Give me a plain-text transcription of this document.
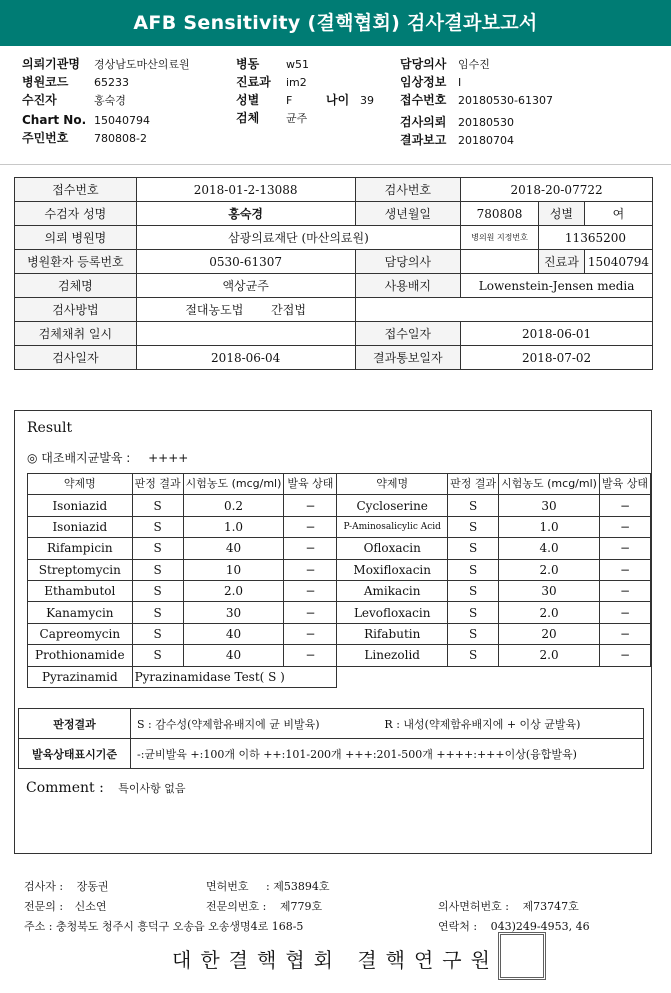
AFB Sensitivity (결핵협회) 검사결과보고서
의뢰기관명 경상남도마산의료원	병동 w51	담당의사 임수진
병원코드 65233	진료과 im2	임상정보 I
수진자	홍숙경	성별 F	나이 39 접수번호 20180530-61307
Chart No. 15040794	검체 균주	검사의뢰 20180530
주민번호 780808-2	결과보고 20180704
접수번호	2018-01-2-13088	검사번호	2018-20-07722		
수검자 성명	홍숙경	생년월일	780808	성별	여
의뢰 병원명	삼광의료재단 (마산의료원)		병의원 지정번호	11365200	
병원환자 등록번호	0530-61307	담당의사		진료과	15040794
검체명	액상균주	사용배지	Lowenstein-Jensen media		
검사방법	절대농도법 간접법				
검체채취 일시		접수일자	2018-06-01		
검사일자	2018-06-04	결과통보일자	2018-07-02		
Result
◎ 대조배지균발육 : ++++
약제명	판정 결과	시험농도 (mcg/ml)	발육 상태	약제명	판정 결과	시험농도 (mcg/ml)	발육 상태
Isoniazid	S	0.2	−	Cycloserine	S	30	−
Isoniazid	S	1.0	−	P-Aminosalicylic Acid	S	1.0	−
Rifampicin	S	40	−	Ofloxacin	S	4.0	−
Streptomycin	S	10	−	Moxifloxacin	S	2.0	−
Ethambutol	S	2.0	−	Amikacin	S	30	−
Kanamycin	S	30	−	Levofloxacin	S	2.0	−
Capreomycin	S	40	−	Rifabutin	S	20	−
Prothionamide	S	40	−	Linezolid	S	2.0	−
Pyrazinamid	Pyrazinamidase Test( S )						
판정결과	S : 감수성(약제함유배지에 균 비발육)	R : 내성(약제함유배지에 + 이상 균발육)
발육상태표시기준	-:균비발육 +:100개 이하 ++:101-200개 +++:201-500개 ++++:+++이상(융합발육)	
Comment : 특이사항 없음
검사자 : 장동권	면허번호 : 제53894호
전문의 : 신소연	전문의번호 : 제779호	의사면허번호 : 제73747호
주소 : 충청북도 청주시 흥덕구 오송읍 오송생명4로 168-5	연락처 : 043)249-4953, 46
대한결핵협회 결핵연구원
